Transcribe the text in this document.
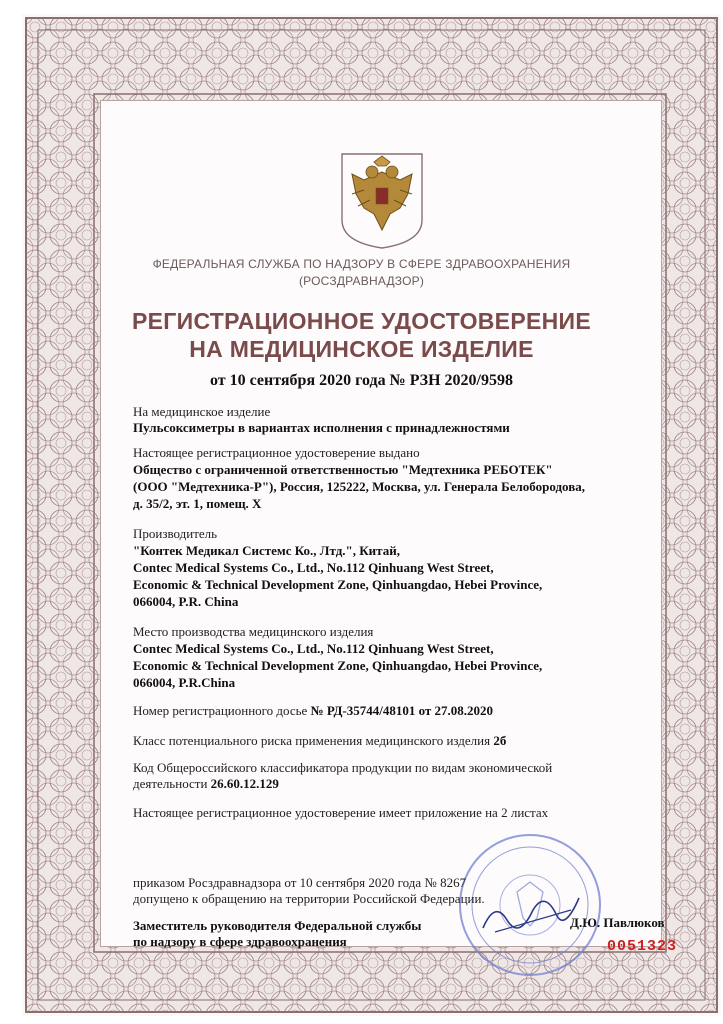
ФЕДЕРАЛЬНАЯ СЛУЖБА ПО НАДЗОРУ В СФЕРЕ ЗДРАВООХРАНЕНИЯ
(РОСЗДРАВНАДЗОР)
РЕГИСТРАЦИОННОЕ УДОСТОВЕРЕНИЕ
НА МЕДИЦИНСКОЕ ИЗДЕЛИЕ
от 10 сентября 2020 года № РЗН 2020/9598
На медицинское изделие
Пульсоксиметры в вариантах исполнения с принадлежностями
Настоящее регистрационное удостоверение выдано
Общество с ограниченной ответственностью "Медтехника РЕБОТЕК"
(ООО "Медтехника-Р"), Россия, 125222, Москва, ул. Генерала Белобородова,
д. 35/2, эт. 1, помещ. X
Производитель
"Контек Медикал Системс Ко., Лтд.", Китай,
Contec Medical Systems Co., Ltd., No.112 Qinhuang West Street,
Economic & Technical Development Zone, Qinhuangdao, Hebei Province,
066004, P.R. China
Место производства медицинского изделия
Contec Medical Systems Co., Ltd., No.112 Qinhuang West Street,
Economic & Technical Development Zone, Qinhuangdao, Hebei Province,
066004, P.R.China
Номер регистрационного досье № РД-35744/48101 от 27.08.2020
Класс потенциального риска применения медицинского изделия 2б
Код Общероссийского классификатора продукции по видам экономической
деятельности 26.60.12.129
Настоящее регистрационное удостоверение имеет приложение на 2 листах
приказом Росздравнадзора от 10 сентября 2020 года № 8267
допущено к обращению на территории Российской Федерации.
Заместитель руководителя Федеральной службы
по надзору в сфере здравоохранения
Д.Ю. Павлюков
0051323
